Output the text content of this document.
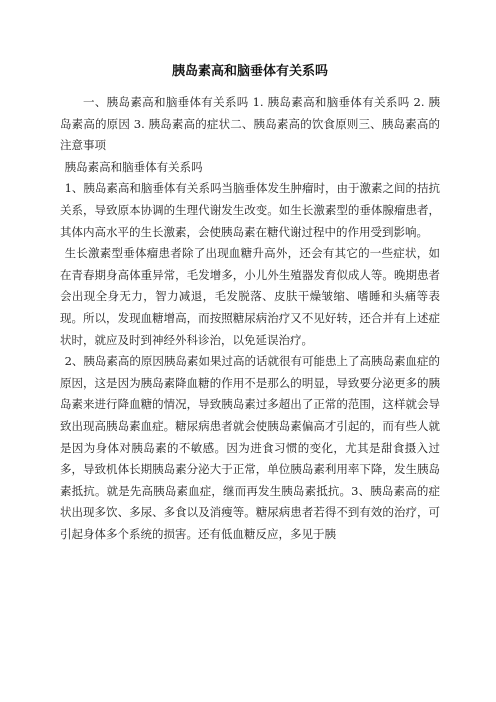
胰岛素高和脑垂体有关系吗

一、胰岛素高和脑垂体有关系吗 1. 胰岛素高和脑垂体有关系吗 2. 胰岛素高的原因 3. 胰岛素高的症状二、胰岛素高的饮食原则三、胰岛素高的注意事项

胰岛素高和脑垂体有关系吗

1、胰岛素高和脑垂体有关系吗当脑垂体发生肿瘤时，由于激素之间的拮抗关系，导致原本协调的生理代谢发生改变。如生长激素型的垂体腺瘤患者，其体内高水平的生长激素，会使胰岛素在糖代谢过程中的作用受到影响。

生长激素型垂体瘤患者除了出现血糖升高外，还会有其它的一些症状，如在青春期身高体重异常，毛发增多，小儿外生殖器发育似成人等。晚期患者会出现全身无力，智力减退，毛发脱落、皮肤干燥皱缩、嗜睡和头痛等表现。所以，发现血糖增高，而按照糖尿病治疗又不见好转，还合并有上述症状时，就应及时到神经外科诊治，以免延误治疗。

2、胰岛素高的原因胰岛素如果过高的话就很有可能患上了高胰岛素血症的原因，这是因为胰岛素降血糖的作用不是那么的明显，导致要分泌更多的胰岛素来进行降血糖的情况，导致胰岛素过多超出了正常的范围，这样就会导致出现高胰岛素血症。糖尿病患者就会使胰岛素偏高才引起的，而有些人就是因为身体对胰岛素的不敏感。因为进食习惯的变化，尤其是甜食摄入过多，导致机体长期胰岛素分泌大于正常，单位胰岛素利用率下降，发生胰岛素抵抗。就是先高胰岛素血症，继而再发生胰岛素抵抗。3、胰岛素高的症状出现多饮、多尿、多食以及消瘦等。糖尿病患者若得不到有效的治疗，可引起身体多个系统的损害。还有低血糖反应，多见于胰
